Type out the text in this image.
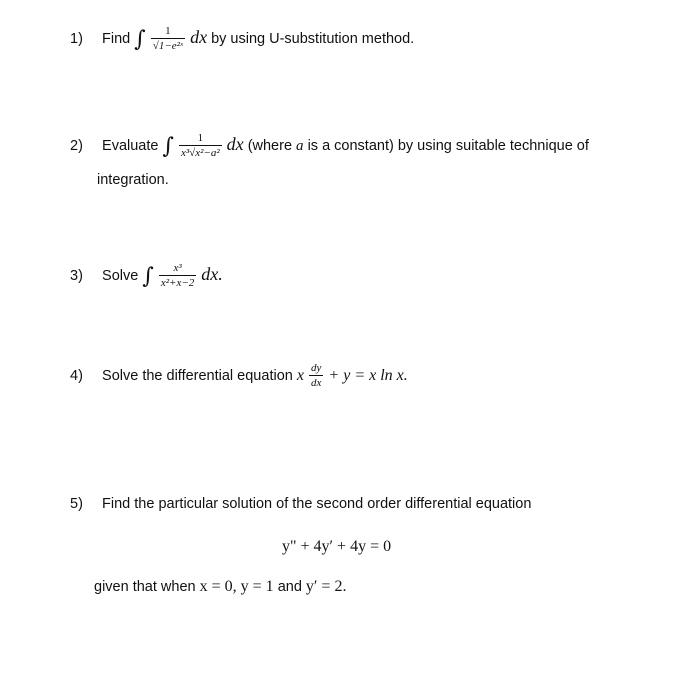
1) Find ∫ $\frac{1}{\text{√1−e²ˣ}}$ dx by using U-substitution method.
2) Evaluate ∫ $\frac{1}{\text{x³√x²−a²}}$ dx (where a is a constant) by using suitable technique of
integration.
3) Solve ∫ $\frac{\text{x³}}{\text{x²+x−2}}$ dx.
4) Solve the differential equation x $\frac{dy}{dx} + y = x$ ln x.
5) Find the particular solution of the second order differential equation
y" + 4y′ + 4y = 0
given that when x = 0, y = 1 and y′ = 2.
